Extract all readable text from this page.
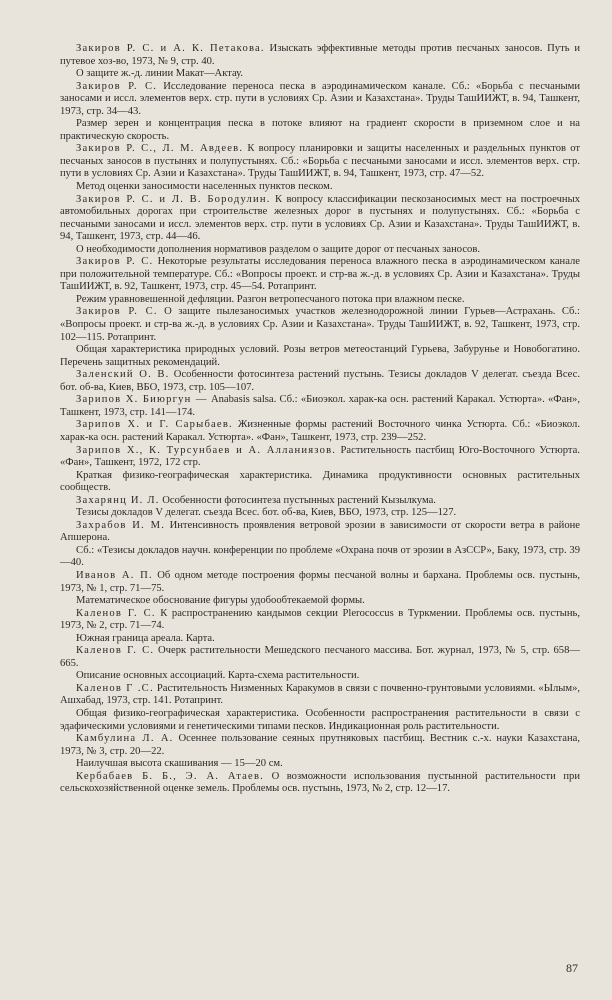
Закиров Р. С. и А. К. Петакова. Изыскать эффективные методы против песчаных заносов. Путь и путевое хоз-во, 1973, № 9, стр. 40.

О защите ж.-д. линии Макат—Актау.

Закиров Р. С. Исследование переноса песка в аэродинамическом канале. Сб.: «Борьба с песчаными заносами и иссл. элементов верх. стр. пути в условиях Ср. Азии и Казахстана». Труды ТашИИЖТ, в. 94, Ташкент, 1973, стр. 34—43.

Размер зерен и концентрация песка в потоке влияют на градиент скорости в приземном слое и на практическую скорость.

Закиров Р. С., Л. М. Авдеев. К вопросу планировки и защиты населенных и раздельных пунктов от песчаных заносов в пустынях и полупустынях. Сб.: «Борьба с песчаными заносами и иссл. элементов верх. стр. пути в условиях Ср. Азии и Казахстана». Труды ТашИИЖТ, в. 94, Ташкент, 1973, стр. 47—52.

Метод оценки заносимости населенных пунктов песком.

Закиров Р. С. и Л. В. Бородулин. К вопросу классификации пескозаносимых мест на построечных автомобильных дорогах при строительстве железных дорог в пустынях и полупустынях. Сб.: «Борьба с песчаными заносами и иссл. элементов верх. стр. пути в условиях Ср. Азии и Казахстана». Труды ТашИИЖТ, в. 94, Ташкент, 1973, стр. 44—46.

О необходимости дополнения нормативов разделом о защите дорог от песчаных заносов.

Закиров Р. С. Некоторые результаты исследования переноса влажного песка в аэродинамическом канале при положительной температуре. Сб.: «Вопросы проект. и стр-ва ж.-д. в условиях Ср. Азии и Казахстана». Труды ТашИИЖТ, в. 92, Ташкент, 1973, стр. 45—54. Ротапринт.

Режим уравновешенной дефляции. Разгон ветропесчаного потока при влажном песке.

Закиров Р. С. О защите пылезаносимых участков железнодорожной линии Гурьев—Астрахань. Сб.: «Вопросы проект. и стр-ва ж.-д. в условиях Ср. Азии и Казахстана». Труды ТашИИЖТ, в. 92, Ташкент, 1973, стр. 102—115. Ротапринт.

Общая характеристика природных условий. Розы ветров метеостанций Гурьева, Забурунье и Новобогатино. Перечень защитных рекомендаций.

Заленский О. В. Особенности фотосинтеза растений пустынь. Тезисы докладов V делегат. съезда Всес. бот. об-ва, Киев, ВБО, 1973, стр. 105—107.

Зарипов Х. Биюргун — Anabasis salsa. Сб.: «Биоэкол. харак-ка осн. растений Каракал. Устюрта». «Фан», Ташкент, 1973, стр. 141—174.

Зарипов Х. и Г. Сарыбаев. Жизненные формы растений Восточного чинка Устюрта. Сб.: «Биоэкол. харак-ка осн. растений Каракал. Устюрта». «Фан», Ташкент, 1973, стр. 239—252.

Зарипов Х., К. Турсунбаев и А. Алланиязов. Растительность пастбищ Юго-Восточного Устюрта. «Фан», Ташкент, 1972, 172 стр.

Краткая физико-географическая характеристика. Динамика продуктивности основных растительных сообществ.

Захарянц И. Л. Особенности фотосинтеза пустынных растений Кызылкума.

Тезисы докладов V делегат. съезда Всес. бот. об-ва, Киев, ВБО, 1973, стр. 125—127.

Захрабов И. М. Интенсивность проявления ветровой эрозии в зависимости от скорости ветра в районе Апшерона.

Сб.: «Тезисы докладов научн. конференции по проблеме «Охрана почв от эрозии в АзССР», Баку, 1973, стр. 39—40.

Иванов А. П. Об одном методе построения формы песчаной волны и бархана. Проблемы осв. пустынь, 1973, № 1, стр. 71—75.

Математическое обоснование фигуры удобообтекаемой формы.

Каленов Г. С. К распространению кандымов секции Plerococcus в Туркмении. Проблемы осв. пустынь, 1973, № 2, стр. 71—74.

Южная граница ареала. Карта.

Каленов Г. С. Очерк растительности Мешедского песчаного массива. Бот. журнал, 1973, № 5, стр. 658—665.

Описание основных ассоциаций. Карта-схема растительности.

Каленов Г .С. Растительность Низменных Каракумов в связи с почвенно-грунтовыми условиями. «Ылым», Ашхабад, 1973, стр. 141. Ротапринт.

Общая физико-географическая характеристика. Особенности распространения растительности в связи с эдафическими условиями и генетическими типами песков. Индикационная роль растительности.

Камбулина Л. А. Осеннее пользование сеяных прутняковых пастбищ. Вестник с.-х. науки Казахстана, 1973, № 3, стр. 20—22.

Наилучшая высота скашивания — 15—20 см.

Кербабаев Б. Б., Э. А. Атаев. О возможности использования пустынной растительности при сельскохозяйственной оценке земель. Проблемы осв. пустынь, 1973, № 2, стр. 12—17.

87
